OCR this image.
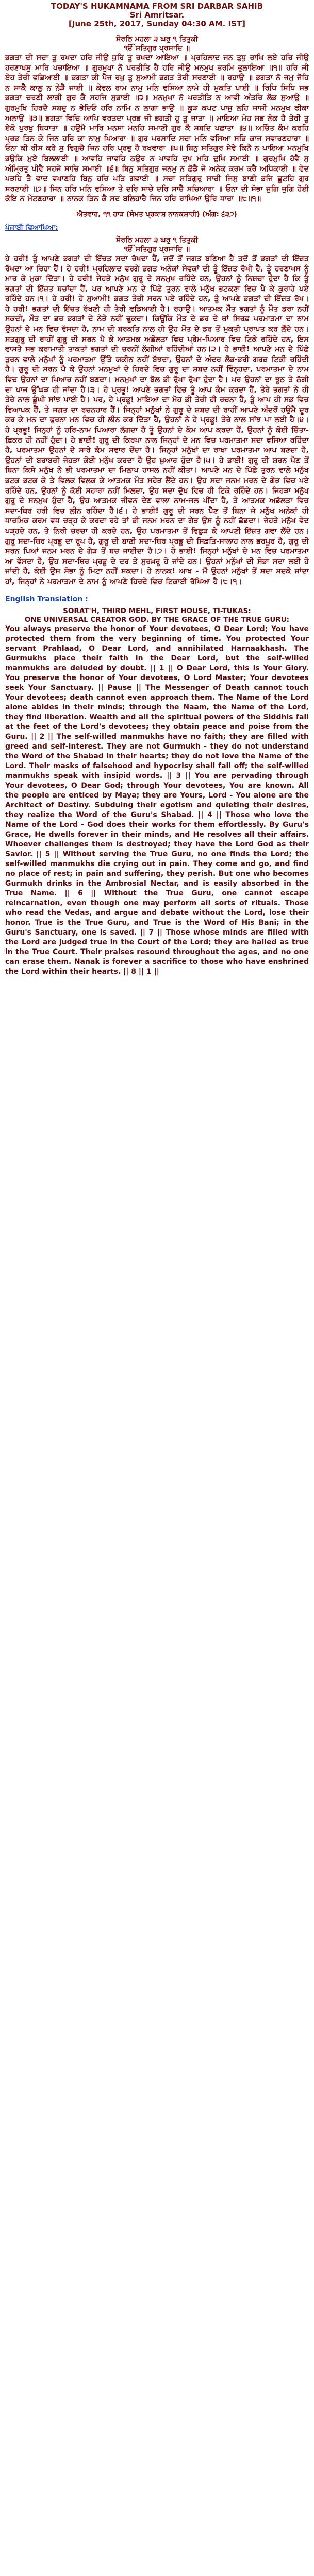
TODAY'S HUKAMNAMA FROM SRI DARBAR SAHIB

Sri Amritsar.

[June 25th, 2017, Sunday 04:30 AM. IST]

ਸੋਰਠਿ ਮਹਲਾ ੩ ਘਰੁ ੧ ਤਿਤੁਕੀ

ੴ ਸਤਿਗੁਰ ਪ੍ਰਸਾਦਿ ॥

ਭਗਤਾ ਦੀ ਸਦਾ ਤੂ ਰਖਦਾ ਹਰਿ ਜੀਉ ਧੁਰਿ ਤੂ ਰਖਦਾ ਆਇਆ ॥ ਪ੍ਰਹਿਲਾਦ ਜਨ ਤੁਧੁ ਰਾਖਿ ਲਏ ਹਰਿ ਜੀਉ ਹਰਣਾਖਸੁ ਮਾਰਿ ਪਚਾਇਆ ॥ ਗੁਰਮੁਖਾ ਨੋ ਪਰਤੀਤਿ ਹੈ ਹਰਿ ਜੀਉ ਮਨਮੁਖ ਭਰਮਿ ਭੁਲਾਇਆ ॥੧॥ ਹਰਿ ਜੀ ਏਹ ਤੇਰੀ ਵਡਿਆਈ ॥ ਭਗਤਾ ਕੀ ਪੈਜ ਰਖੁ ਤੂ ਸੁਆਮੀ ਭਗਤ ਤੇਰੀ ਸਰਣਾਈ ॥ ਰਹਾਉ ॥ ਭਗਤਾ ਨੋ ਜਮੁ ਜੋਹਿ ਨ ਸਾਕੈ ਕਾਲੁ ਨ ਨੇੜੈ ਜਾਈ ॥ ਕੇਵਲ ਰਾਮ ਨਾਮੁ ਮਨਿ ਵਸਿਆ ਨਾਮੇ ਹੀ ਮੁਕਤਿ ਪਾਈ ॥ ਰਿਧਿ ਸਿਧਿ ਸਭ ਭਗਤਾ ਚਰਣੀ ਲਾਗੀ ਗੁਰ ਕੈ ਸਹਜਿ ਸੁਭਾਈ ॥੨॥ ਮਨਮੁਖਾ ਨੋ ਪਰਤੀਤਿ ਨ ਆਵੀ ਅੰਤਰਿ ਲੋਭ ਸੁਆਉ ॥ ਗੁਰਮੁਖਿ ਹਿਰਦੈ ਸਬਦੁ ਨ ਭੇਦਿਓ ਹਰਿ ਨਾਮਿ ਨ ਲਾਗਾ ਭਾਉ ॥ ਕੂੜ ਕਪਟ ਪਾਜੁ ਲਹਿ ਜਾਸੀ ਮਨਮੁਖ ਫੀਕਾ ਅਲਾਉ ॥੩॥ ਭਗਤਾ ਵਿਚਿ ਆਪਿ ਵਰਤਦਾ ਪ੍ਰਭ ਜੀ ਭਗਤੀ ਹੂ ਤੂ ਜਾਤਾ ॥ ਮਾਇਆ ਮੋਹ ਸਭ ਲੋਕ ਹੈ ਤੇਰੀ ਤੂ ਏਕੋ ਪੁਰਖੁ ਬਿਧਾਤਾ ॥ ਹਉਮੈ ਮਾਰਿ ਮਨਸਾ ਮਨਹਿ ਸਮਾਣੀ ਗੁਰ ਕੈ ਸਬਦਿ ਪਛਾਤਾ ॥੪॥ ਅਚਿੰਤ ਕੰਮ ਕਰਹਿ ਪ੍ਰਭ ਤਿਨ ਕੇ ਜਿਨ ਹਰਿ ਕਾ ਨਾਮੁ ਪਿਆਰਾ ॥ ਗੁਰ ਪਰਸਾਦਿ ਸਦਾ ਮਨਿ ਵਸਿਆ ਸਭਿ ਕਾਜ ਸਵਾਰਣਹਾਰਾ ॥ ਓਨਾ ਕੀ ਰੀਸ ਕਰੇ ਸੁ ਵਿਗੁਚੈ ਜਿਨ ਹਰਿ ਪ੍ਰਭੁ ਹੈ ਰਖਵਾਰਾ ॥੫॥ ਬਿਨੁ ਸਤਿਗੁਰ ਸੇਵੇ ਕਿਨੈ ਨ ਪਾਇਆ ਮਨਮੁਖਿ ਭਉਕਿ ਮੁਏ ਬਿਲਲਾਈ ॥ ਆਵਹਿ ਜਾਵਹਿ ਠਉਰ ਨ ਪਾਵਹਿ ਦੁਖ ਮਹਿ ਦੁਖਿ ਸਮਾਈ ॥ ਗੁਰਮੁਖਿ ਹੋਵੈ ਸੁ ਅੰਮ੍ਰਿਤੁ ਪੀਵੈ ਸਹਜੇ ਸਾਚਿ ਸਮਾਈ ॥੬॥ ਬਿਨੁ ਸਤਿਗੁਰ ਜਨਮੁ ਨ ਛੋਡੈ ਜੇ ਅਨੇਕ ਕਰਮ ਕਰੈ ਅਧਿਕਾਈ ॥ ਵੇਦ ਪੜਹਿ ਤੈ ਵਾਦ ਵਖਾਣਹਿ ਬਿਨੁ ਹਰਿ ਪਤਿ ਗਵਾਈ ॥ ਸਚਾ ਸਤਿਗੁਰੁ ਸਾਚੀ ਜਿਸੁ ਬਾਣੀ ਭਜਿ ਛੂਟਹਿ ਗੁਰ ਸਰਣਾਈ ॥੭॥ ਜਿਨ ਹਰਿ ਮਨਿ ਵਸਿਆ ਤੇ ਦਰਿ ਸਾਚੇ ਦਰਿ ਸਾਚੈ ਸਚਿਆਰਾ ॥ ਓਨਾ ਦੀ ਸੋਭਾ ਜੁਗਿ ਜੁਗਿ ਹੋਈ ਕੋਇ ਨ ਮੇਟਣਹਾਰਾ ॥ ਨਾਨਕ ਤਿਨ ਕੈ ਸਦ ਬਲਿਹਾਰੈ ਜਿਨ ਹਰਿ ਰਾਖਿਆ ਉਰਿ ਧਾਰਾ ॥੮॥੧॥

ਐਤਵਾਰ, ੧੧ ਹਾੜ (ਸੰਮਤ ਪ੍ਰਕਾਸ਼ ਨਾਨਕਸ਼ਾਹੀ) (ਅੰਗ: ੬੩੭)

ਪੰਜਾਬੀ ਵਿਆਖਿਆ:

ਸੋਰਠਿ ਮਹਲਾ ੩ ਘਰੁ ੧ ਤਿਤੁਕੀ

ੴ ਸਤਿਗੁਰ ਪ੍ਰਸਾਦਿ ॥

ਹੇ ਹਰੀ! ਤੂੰ ਆਪਣੇ ਭਗਤਾਂ ਦੀ ਇੱਜ਼ਤ ਸਦਾ ਰੱਖਦਾ ਹੈਂ, ਜਦੋਂ ਤੋਂ ਜਗਤ ਬਣਿਆ ਹੈ ਤਦੋਂ ਤੋਂ ਭਗਤਾਂ ਦੀ ਇੱਜ਼ਤ ਰੱਖਦਾ ਆ ਰਿਹਾ ਹੈਂ। ਹੇ ਹਰੀ! ਪ੍ਰਹਿਲਾਦ ਵਰਗੇ ਭਗਤ ਅਨੇਕਾਂ ਸੇਵਕਾਂ ਦੀ ਤੂੰ ਇੱਜ਼ਤ ਰੱਖੀ ਹੈ, ਤੂੰ ਹਰਣਾਖਸ ਨੂੰ ਮਾਰ ਕੇ ਮੁਕਾ ਦਿੱਤਾ। ਹੇ ਹਰੀ! ਜੇਹੜੇ ਮਨੁੱਖ ਗੁਰੂ ਦੇ ਸਨਮੁਖ ਰਹਿੰਦੇ ਹਨ, ਉਹਨਾਂ ਨੂੰ ਨਿਸ਼ਚਾ ਹੁੰਦਾ ਹੈ ਕਿ ਤੂੰ ਭਗਤਾਂ ਦੀ ਇੱਜ਼ਤ ਬਚਾਂਦਾ ਹੈਂ, ਪਰ ਆਪਣੇ ਮਨ ਦੇ ਪਿੱਛੇ ਤੁਰਨ ਵਾਲੇ ਮਨੁੱਖ ਭਟਕਣਾ ਵਿਚ ਪੈ ਕੇ ਕੁਰਾਹੇ ਪਏ ਰਹਿੰਦੇ ਹਨ।੧। ਹੇ ਹਰੀ! ਹੇ ਸੁਆਮੀ! ਭਗਤ ਤੇਰੀ ਸਰਨ ਪਏ ਰਹਿੰਦੇ ਹਨ, ਤੂੰ ਆਪਣੇ ਭਗਤਾਂ ਦੀ ਇੱਜ਼ਤ ਰੱਖ। ਹੇ ਹਰੀ! ਭਗਤਾਂ ਦੀ ਇੱਜ਼ਤ ਰੱਖਣੀ ਹੀ ਤੇਰੀ ਵਡਿਆਈ ਹੈ। ਰਹਾਉ। ਆਤਮਕ ਮੌਤ ਭਗਤਾਂ ਨੂੰ ਮੌਤ ਡਰਾ ਨਹੀਂ ਸਕਦੀ, ਮੌਤ ਦਾ ਡਰ ਭਗਤਾਂ ਦੇ ਨੇੜੇ ਨਹੀਂ ਢੁਕਦਾ। ਕਿਉਂਕਿ ਮੌਤ ਦੇ ਡਰ ਦੇ ਥਾਂ ਸਿਰਫ਼ ਪਰਮਾਤਮਾ ਦਾ ਨਾਮ ਉਹਨਾਂ ਦੇ ਮਨ ਵਿਚ ਵੱਸਦਾ ਹੈ, ਨਾਮ ਦੀ ਬਰਕਤਿ ਨਾਲ ਹੀ ਉਹ ਮੌਤ ਦੇ ਡਰ ਤੋਂ ਮੁਕਤੀ ਪ੍ਰਾਪਤ ਕਰ ਲੈਂਦੇ ਹਨ। ਸਤਗੁਰੂ ਦੀ ਰਾਹੀਂ ਗੁਰੂ ਦੀ ਸਰਨ ਪੈ ਕੇ ਆਤਮਕ ਅਡੋਲਤਾ ਵਿਚ ਪ੍ਰੇਮ-ਪਿਆਰ ਵਿਚ ਟਿਕੇ ਰਹਿੰਦੇ ਹਨ, ਇਸ ਵਾਸਤੇ ਸਭ ਕਰਾਮਾਤੀ ਤਾਕਤਾਂ ਭਗਤਾਂ ਦੀ ਚਰਨੀਂ ਲੱਗੀਆਂ ਰਹਿੰਦੀਆਂ ਹਨ।੨। ਹੇ ਭਾਈ! ਆਪਣੇ ਮਨ ਦੇ ਪਿੱਛੇ ਤੁਰਨ ਵਾਲੇ ਮਨੁੱਖਾਂ ਨੂੰ ਪਰਮਾਤਮਾ ਉੱਤੇ ਯਕੀਨ ਨਹੀਂ ਬੱਝਦਾ, ਉਹਨਾਂ ਦੇ ਅੰਦਰ ਲੋਭ-ਭਰੀ ਗਰਜ਼ ਟਿਕੀ ਰਹਿੰਦੀ ਹੈ। ਗੁਰੂ ਦੀ ਸਰਨ ਪੈ ਕੇ ਉਹਨਾਂ ਮਨਮੁਖਾਂ ਦੇ ਹਿਰਦੇ ਵਿਚ ਗੁਰੂ ਦਾ ਸ਼ਬਦ ਨਹੀਂ ਵਿੰਨ੍ਹਦਾ, ਪਰਮਾਤਮਾ ਦੇ ਨਾਮ ਵਿਚ ਉਹਨਾਂ ਦਾ ਪਿਆਰ ਨਹੀਂ ਬਣਦਾ। ਮਨਮੁਖਾਂ ਦਾ ਬੋਲ ਭੀ ਰੁੱਖਾ ਰੁੱਖਾ ਹੁੰਦਾ ਹੈ। ਪਰ ਉਹਨਾਂ ਦਾ ਝੂਠ ਤੇ ਠੱਗੀ ਦਾ ਪਾਜ ਉੱਘੜ ਹੀ ਜਾਂਦਾ ਹੈ।੩। ਹੇ ਪ੍ਰਭੂ! ਆਪਣੇ ਭਗਤਾਂ ਵਿਚ ਤੂੰ ਆਪ ਕੰਮ ਕਰਦਾ ਹੈਂ, ਤੇਰੇ ਭਗਤਾਂ ਨੇ ਹੀ ਤੇਰੇ ਨਾਲ ਡੂੰਘੀ ਸਾਂਝ ਪਾਈ ਹੈ। ਪਰ, ਹੇ ਪ੍ਰਭੂ! ਮਾਇਆ ਦਾ ਮੋਹ ਭੀ ਤੇਰੀ ਹੀ ਰਚਨਾ ਹੈ, ਤੂੰ ਆਪ ਹੀ ਸਭ ਵਿਚ ਵਿਆਪਕ ਹੈਂ, ਤੇ ਜਗਤ ਦਾ ਰਚਨਹਾਰ ਹੈਂ। ਜਿਨ੍ਹਾਂ ਮਨੁੱਖਾਂ ਨੇ ਗੁਰੂ ਦੇ ਸ਼ਬਦ ਦੀ ਰਾਹੀਂ ਆਪਣੇ ਅੰਦਰੋਂ ਹਉਮੈ ਦੂਰ ਕਰ ਕੇ ਮਨ ਦਾ ਫੁਰਨਾ ਮਨ ਵਿਚ ਹੀ ਲੀਨ ਕਰ ਦਿੱਤਾ ਹੈ, ਉਹਨਾਂ ਨੇ ਹੇ ਪ੍ਰਭੂ! ਤੇਰੇ ਨਾਲ ਸਾਂਝ ਪਾ ਲਈ ਹੈ।੪। ਹੇ ਪ੍ਰਭੂ! ਜਿਨ੍ਹਾਂ ਨੂੰ ਹਰਿ-ਨਾਮ ਪਿਆਰਾ ਲੱਗਦਾ ਹੈ ਤੂੰ ਉਹਨਾਂ ਦੇ ਕੰਮ ਆਪ ਕਰਦਾ ਹੈਂ, ਉਹਨਾਂ ਨੂੰ ਕੋਈ ਚਿੰਤਾ-ਫ਼ਿਕਰ ਹੀ ਨਹੀਂ ਹੁੰਦਾ। ਹੇ ਭਾਈ! ਗੁਰੂ ਦੀ ਕਿਰਪਾ ਨਾਲ ਜਿਨ੍ਹਾਂ ਦੇ ਮਨ ਵਿਚ ਪਰਮਾਤਮਾ ਸਦਾ ਵਸਿਆ ਰਹਿੰਦਾ ਹੈ, ਪਰਮਾਤਮਾ ਉਹਨਾਂ ਦੇ ਸਾਰੇ ਕੰਮ ਸਵਾਰ ਦੇਂਦਾ ਹੈ। ਜਿਨ੍ਹਾਂ ਮਨੁੱਖਾਂ ਦਾ ਰਾਖਾ ਪਰਮਾਤਮਾ ਆਪ ਬਣਦਾ ਹੈ, ਉਹਨਾਂ ਦੀ ਬਰਾਬਰੀ ਜੇਹੜਾ ਕੋਈ ਮਨੁੱਖ ਕਰਦਾ ਹੈ ਉਹ ਖ਼ੁਆਰ ਹੁੰਦਾ ਹੈ।੫। ਹੇ ਭਾਈ! ਗੁਰੂ ਦੀ ਸ਼ਰਨ ਪੈਣ ਤੋਂ ਬਿਨਾ ਕਿਸੇ ਮਨੁੱਖ ਨੇ ਭੀ ਪਰਮਾਤਮਾ ਦਾ ਮਿਲਾਪ ਹਾਸਲ ਨਹੀਂ ਕੀਤਾ। ਆਪਣੇ ਮਨ ਦੇ ਪਿੱਛੇ ਤੁਰਨ ਵਾਲੇ ਮਨੁੱਖ ਭਟਕ ਭਟਕ ਕੇ ਤੇ ਵਿਲਕ ਵਿਲਕ ਕੇ ਆਤਮਕ ਮੌਤ ਸਹੇੜ ਲੈਂਦੇ ਹਨ। ਉਹ ਸਦਾ ਜਨਮ ਮਰਨ ਦੇ ਗੇੜ ਵਿਚ ਪਏ ਰਹਿੰਦੇ ਹਨ, ਉਹਨਾਂ ਨੂੰ ਕੋਈ ਸਹਾਰਾ ਨਹੀਂ ਮਿਲਦਾ, ਉਹ ਸਦਾ ਦੁੱਖ ਵਿਚ ਹੀ ਟਿਕੇ ਰਹਿੰਦੇ ਹਨ। ਜਿਹੜਾ ਮਨੁੱਖ ਗੁਰੂ ਦੇ ਸਨਮੁਖ ਹੁੰਦਾ ਹੈ, ਉਹ ਆਤਮਕ ਜੀਵਨ ਦੇਣ ਵਾਲਾ ਨਾਮ-ਜਲ ਪੀਂਦਾ ਹੈ, ਤੇ ਆਤਮਕ ਅਡੋਲਤਾ ਵਿਚ ਸਦਾ-ਥਿਰ ਹਰੀ ਵਿਚ ਲੀਨ ਰਹਿੰਦਾ ਹੈ।੬। ਹੇ ਭਾਈ! ਗੁਰੂ ਦੀ ਸਰਨ ਪੈਣ ਤੋਂ ਬਿਨਾ ਜੇ ਮਨੁੱਖ ਅਨੇਕਾਂ ਹੀ ਧਾਰਮਿਕ ਕਰਮ ਵਧ ਚੜ੍ਹ ਕੇ ਕਰਦਾ ਰਹੇ ਤਾਂ ਭੀ ਜਨਮ ਮਰਨ ਦਾ ਗੇੜ ਉਸ ਨੂੰ ਨਹੀਂ ਛੱਡਦਾ। ਜੇਹੜੇ ਮਨੁੱਖ ਵੇਦ ਪੜ੍ਹਦੇ ਹਨ, ਤੇ ਨਿਰੀ ਚਰਚਾ ਹੀ ਕਰਦੇ ਹਨ, ਉਹ ਪਰਮਾਤਮਾ ਤੋਂ ਵਿਛੁੜ ਕੇ ਆਪਣੀ ਇੱਜ਼ਤ ਗਵਾ ਲੈਂਦੇ ਹਨ। ਗੁਰੂ ਸਦਾ-ਥਿਰ ਪ੍ਰਭੂ ਦਾ ਰੂਪ ਹੈ, ਗੁਰੂ ਦੀ ਬਾਣੀ ਸਦਾ-ਥਿਰ ਪ੍ਰਭੂ ਦੀ ਸਿਫ਼ਤਿ-ਸਾਲਾਹ ਨਾਲ ਭਰਪੂਰ ਹੈ, ਗੁਰੂ ਦੀ ਸਰਨ ਪਿਆਂ ਜਨਮ ਮਰਨ ਦੇ ਗੇੜ ਤੋਂ ਬਚ ਜਾਈਦਾ ਹੈ।੭। ਹੇ ਭਾਈ! ਜਿਨ੍ਹਾਂ ਮਨੁੱਖਾਂ ਦੇ ਮਨ ਵਿਚ ਪਰਮਾਤਮਾ ਆ ਵੱਸਦਾ ਹੈ, ਉਹ ਸਦਾ-ਥਿਰ ਪ੍ਰਭੂ ਦੇ ਦਰ ਤੇ ਸੁਰਖ਼ਰੂ ਹੋ ਜਾਂਦੇ ਹਨ। ਉਹਨਾਂ ਮਨੁੱਖਾਂ ਦੀ ਸੋਭਾ ਸਦਾ ਲਈ ਹੋ ਜਾਂਦੀ ਹੈ, ਕੋਈ ਉਸ ਸੋਭਾ ਨੂੰ ਮਿਟਾ ਨਹੀਂ ਸਕਦਾ। ਹੇ ਨਾਨਕ! ਆਖ - ਮੈਂ ਉਹਨਾਂ ਮਨੁੱਖਾਂ ਤੋਂ ਸਦਾ ਸਦਕੇ ਜਾਂਦਾ ਹਾਂ, ਜਿਨ੍ਹਾਂ ਨੇ ਪਰਮਾਤਮਾ ਦੇ ਨਾਮ ਨੂੰ ਆਪਣੇ ਹਿਰਦੇ ਵਿਚ ਟਿਕਾਈ ਰੱਖਿਆ ਹੈ।੮।੧।

English Translation :

SORAT'H, THIRD MEHL, FIRST HOUSE, TI-TUKAS:

ONE UNIVERSAL CREATOR GOD. BY THE GRACE OF THE TRUE GURU:

You always preserve the honor of Your devotees, O Dear Lord; You have protected them from the very beginning of time. You protected Your servant Prahlaad, O Dear Lord, and annihilated Harnaakhash. The Gurmukhs place their faith in the Dear Lord, but the self-willed manmukhs are deluded by doubt. || 1 || O Dear Lord, this is Your Glory. You preserve the honor of Your devotees, O Lord Master; Your devotees seek Your Sanctuary. || Pause || The Messenger of Death cannot touch Your devotees; death cannot even approach them. The Name of the Lord alone abides in their minds; through the Naam, the Name of the Lord, they find liberation. Wealth and all the spiritual powers of the Siddhis fall at the feet of the Lord's devotees; they obtain peace and poise from the Guru. || 2 || The self-willed manmukhs have no faith; they are filled with greed and self-interest. They are not Gurmukh - they do not understand the Word of the Shabad in their hearts; they do not love the Name of the Lord. Their masks of falsehood and hypocrisy shall fall off; the self-willed manmukhs speak with insipid words. || 3 || You are pervading through Your devotees, O Dear God; through Your devotees, You are known. All the people are enticed by Maya; they are Yours, Lord - You alone are the Architect of Destiny. Subduing their egotism and quieting their desires, they realize the Word of the Guru's Shabad. || 4 || Those who love the Name of the Lord - God does their works for them effortlessly. By Guru's Grace, He dwells forever in their minds, and He resolves all their affairs. Whoever challenges them is destroyed; they have the Lord God as their Savior. || 5 || Without serving the True Guru, no one finds the Lord; the self-willed manmukhs die crying out in pain. They come and go, and find no place of rest; in pain and suffering, they perish. But one who becomes Gurmukh drinks in the Ambrosial Nectar, and is easily absorbed in the True Name. || 6 || Without the True Guru, one cannot escape reincarnation, even though one may perform all sorts of rituals. Those who read the Vedas, and argue and debate without the Lord, lose their honor. True is the True Guru, and True is the Word of His Bani; in the Guru's Sanctuary, one is saved. || 7 || Those whose minds are filled with the Lord are judged true in the Court of the Lord; they are hailed as true in the True Court. Their praises resound throughout the ages, and no one can erase them. Nanak is forever a sacrifice to those who have enshrined the Lord within their hearts. || 8 || 1 ||
